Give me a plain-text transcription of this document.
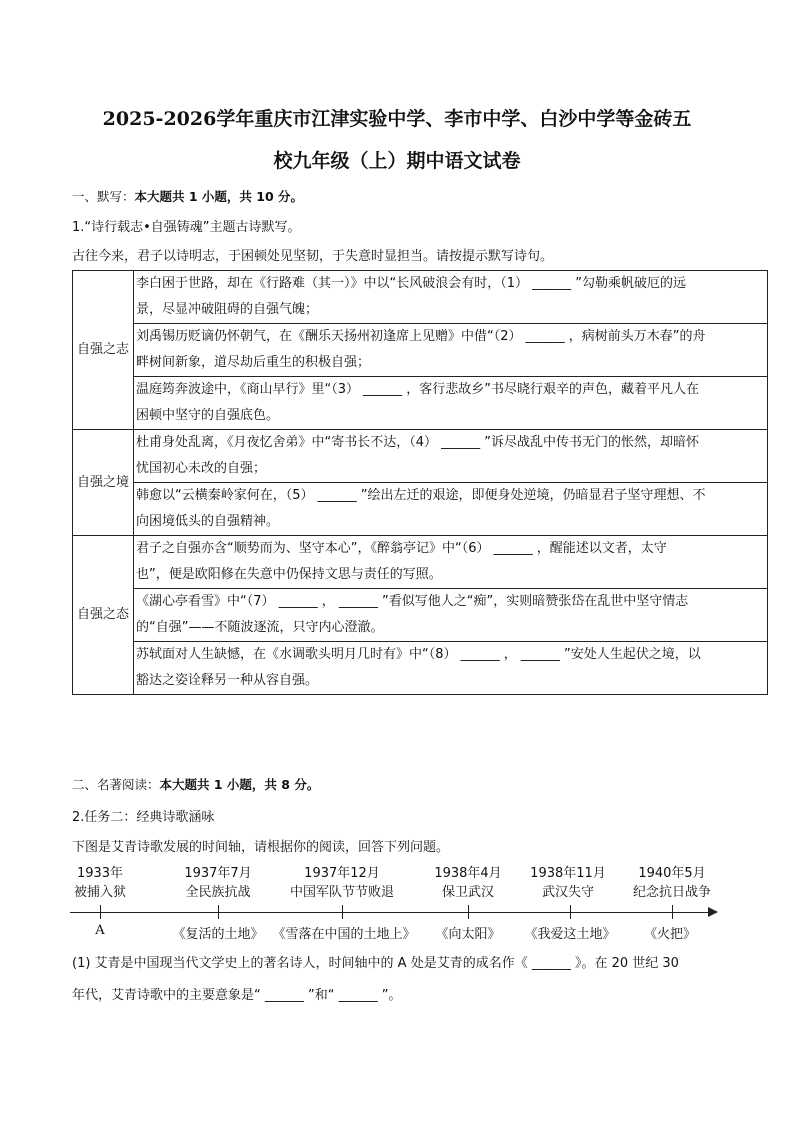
2025-2026学年重庆市江津实验中学、李市中学、白沙中学等金砖五
校九年级（上）期中语文试卷
一、默写：本大题共 1 小题，共 10 分。
1.“诗行载志•自强铸魂”主题古诗默写。
古往今来，君子以诗明志，于困顿处见坚韧，于失意时显担当。请按提示默写诗句。
自强之志	李白困于世路，却在《行路难（其一）》中以“长风破浪会有时，（1） ______ ”勾勒乘帆破厄的远
景，尽显冲破阻碍的自强气魄；

	刘禹锡历贬谪仍怀朝气，在《酬乐天扬州初逢席上见赠》中借“（2） ______ ，病树前头万木春”的舟
畔树间新象，道尽劫后重生的积极自强；

	温庭筠奔波途中，《商山早行》里“（3） ______ ，客行悲故乡”书尽晓行艰辛的声色，藏着平凡人在
困顿中坚守的自强底色。

自强之境	杜甫身处乱离，《月夜忆舍弟》中“寄书长不达，（4） ______ ”诉尽战乱中传书无门的怅然，却暗怀
忧国初心未改的自强；

	韩愈以“云横秦岭家何在，（5） ______ ”绘出左迁的艰途，即便身处逆境，仍暗显君子坚守理想、不
向困境低头的自强精神。

自强之态	君子之自强亦含“顺势而为、坚守本心”，《醉翁亭记》中“（6） ______ ，醒能述以文者，太守
也”，便是欧阳修在失意中仍保持文思与责任的写照。

	《湖心亭看雪》中“（7） ______ ， ______ ”看似写他人之“痴”，实则暗赞张岱在乱世中坚守情志
的“自强”——不随波逐流，只守内心澄澈。

	苏轼面对人生缺憾，在《水调歌头明月几时有》中“（8） ______ ， ______ ”安处人生起伏之境，以
豁达之姿诠释另一种从容自强。
二、名著阅读：本大题共 1 小题，共 8 分。
2.任务二：经典诗歌涵咏
下图是艾青诗歌发展的时间轴，请根据你的阅读，回答下列问题。
1933年
被捕入狱
1937年7月
全民族抗战
1937年12月
中国军队节节败退
1938年4月
保卫武汉
1938年11月
武汉失守
1940年5月
纪念抗日战争
A	《复活的土地》 《雪落在中国的土地上》 《向太阳》 《我爱这土地》 《火把》
(1) 艾青是中国现当代文学史上的著名诗人，时间轴中的 A 处是艾青的成名作《 ______ 》。在 20 世纪 30
年代，艾青诗歌中的主要意象是“ ______ ”和“ ______ ”。
